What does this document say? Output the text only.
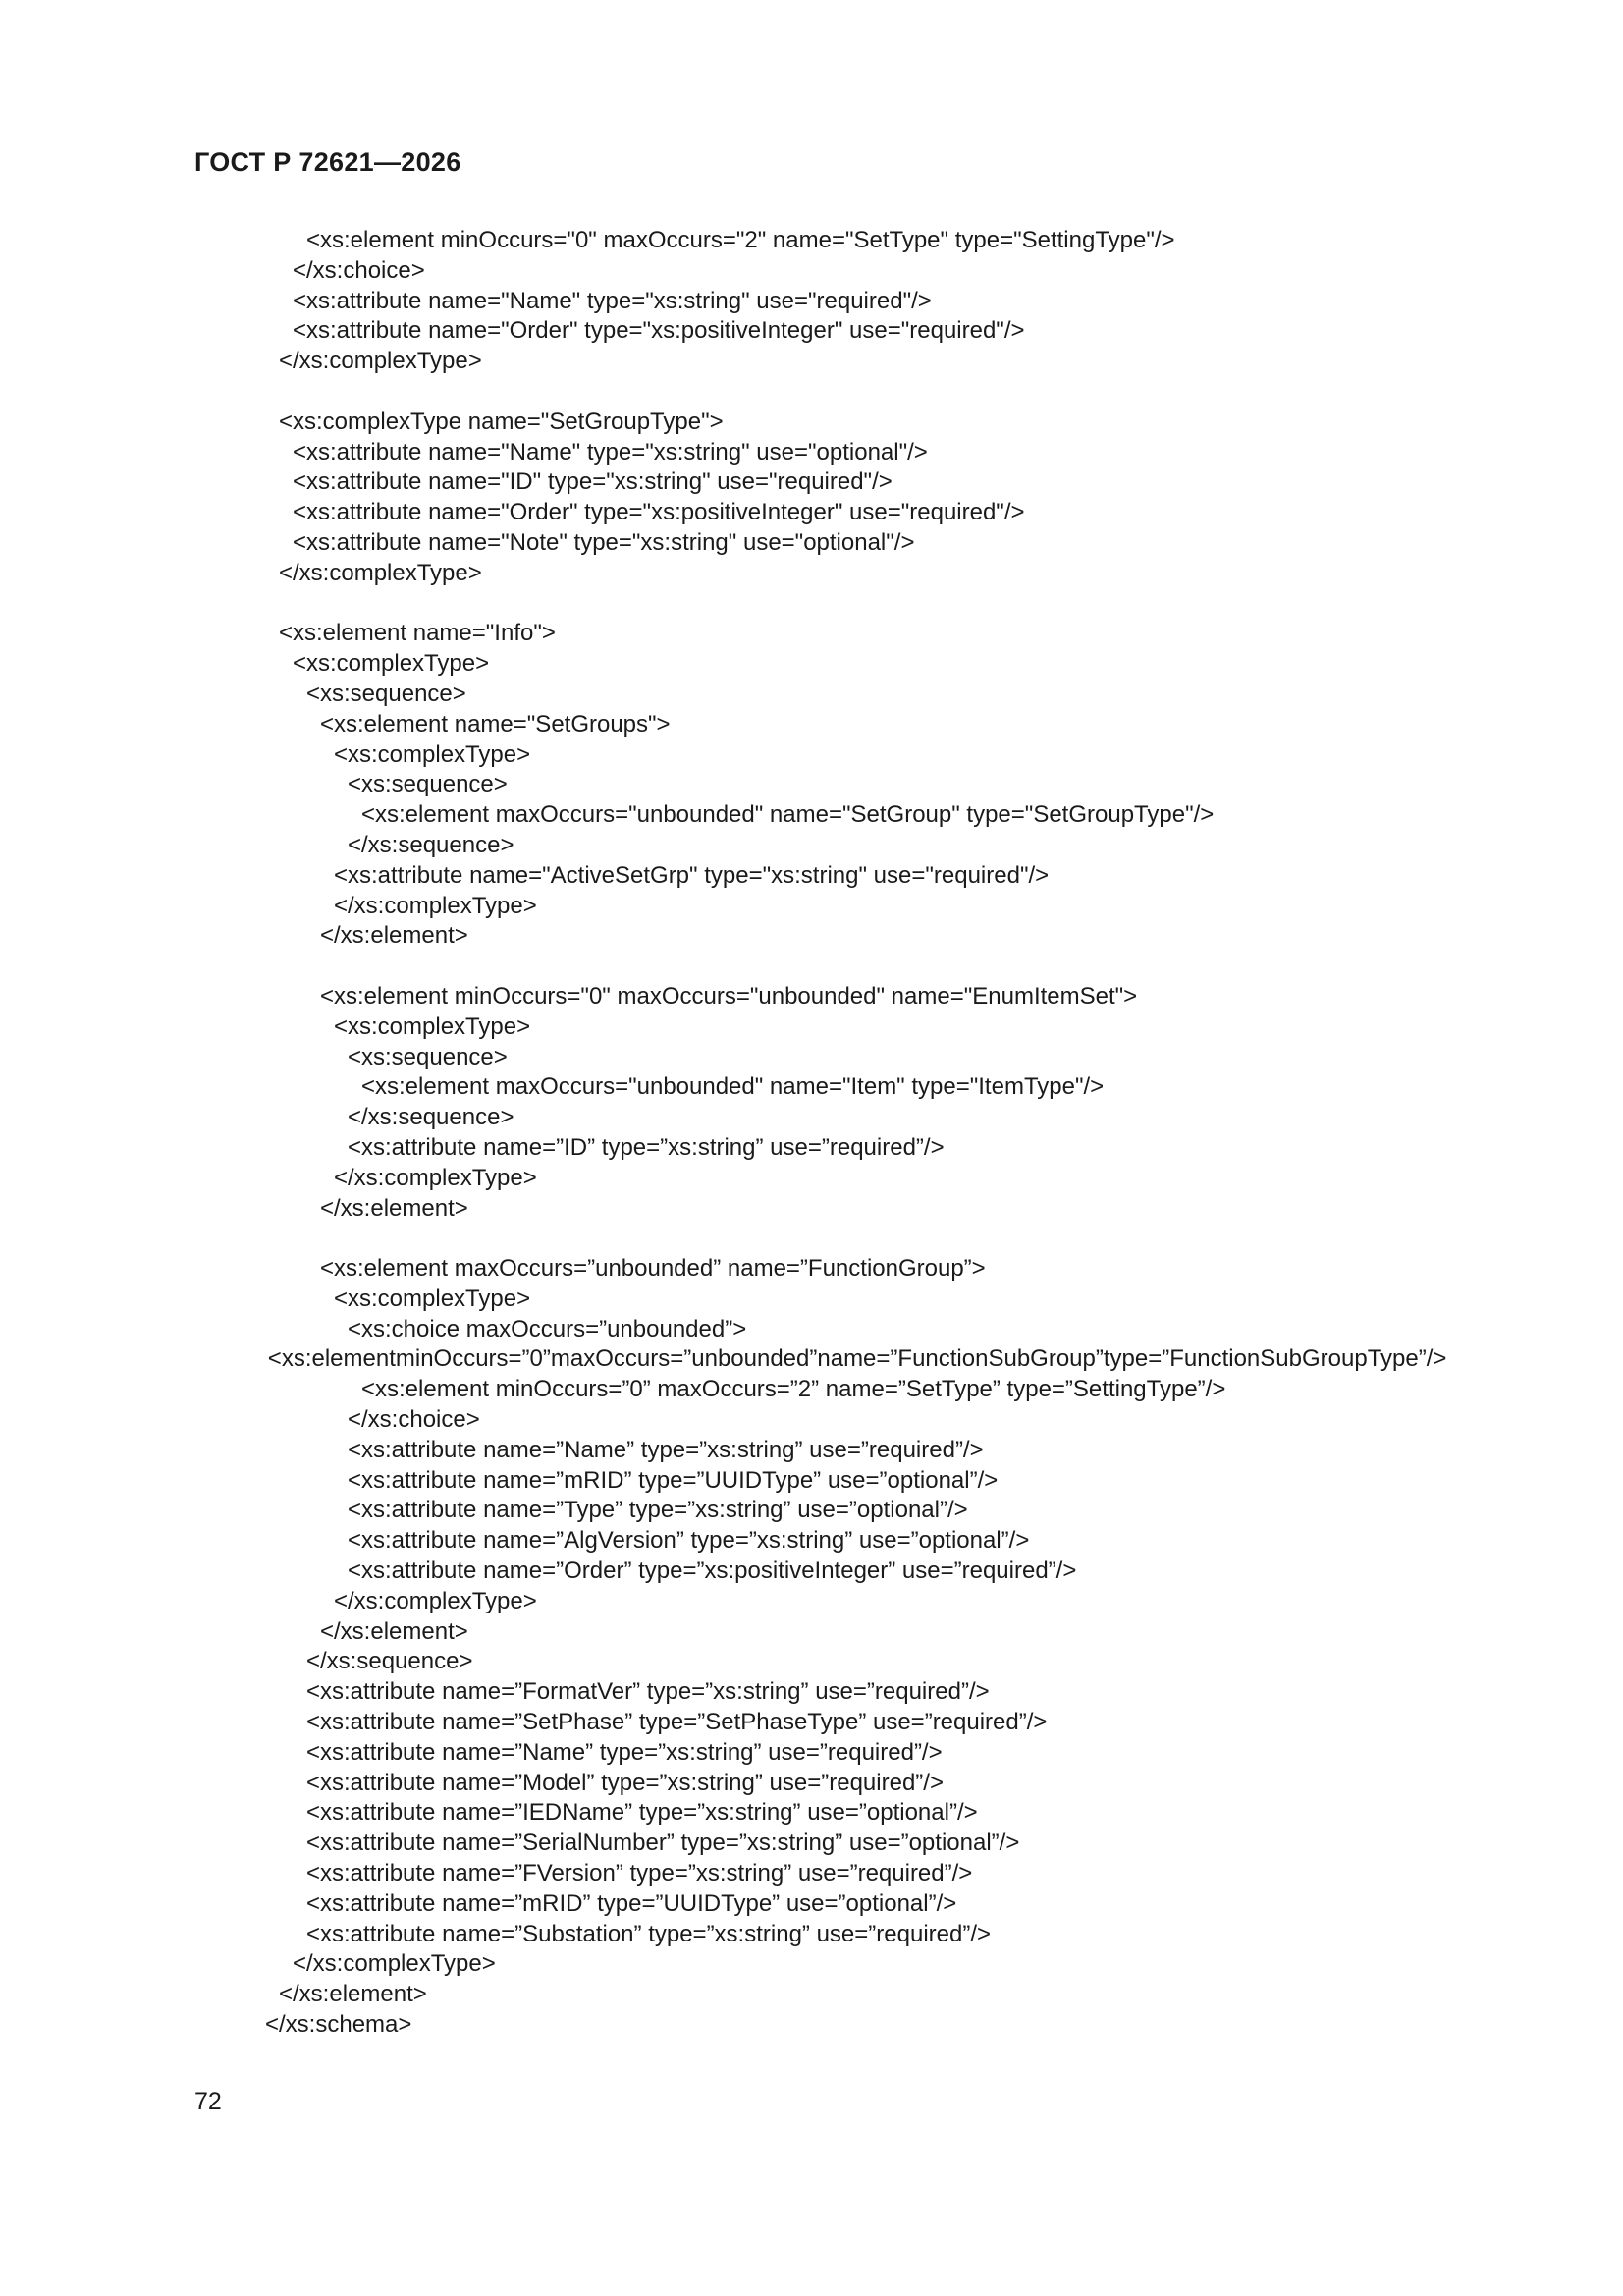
ГОСТ Р 72621—2026
<xs:element minOccurs="0" maxOccurs="2" name="SetType" type="SettingType"/>
</xs:choice>
<xs:attribute name="Name" type="xs:string" use="required"/>
<xs:attribute name="Order" type="xs:positiveInteger" use="required"/>
</xs:complexType>
<xs:complexType name="SetGroupType">
<xs:attribute name="Name" type="xs:string" use="optional"/>
<xs:attribute name="ID" type="xs:string" use="required"/>
<xs:attribute name="Order" type="xs:positiveInteger" use="required"/>
<xs:attribute name="Note" type="xs:string" use="optional"/>
</xs:complexType>
<xs:element name="Info">
<xs:complexType>
<xs:sequence>
<xs:element name="SetGroups">
<xs:complexType>
<xs:sequence>
<xs:element maxOccurs="unbounded" name="SetGroup" type="SetGroupType"/>
</xs:sequence>
<xs:attribute name="ActiveSetGrp" type="xs:string" use="required"/>
</xs:complexType>
</xs:element>
<xs:element minOccurs="0" maxOccurs="unbounded" name="EnumItemSet">
<xs:complexType>
<xs:sequence>
<xs:element maxOccurs="unbounded" name="Item" type="ItemType"/>
</xs:sequence>
<xs:attribute name=”ID” type=”xs:string” use=”required”/>
</xs:complexType>
</xs:element>
<xs:element maxOccurs=”unbounded” name=”FunctionGroup”>
<xs:complexType>
<xs:choice maxOccurs=”unbounded”>
<xs:elementminOccurs=”0”maxOccurs=”unbounded”name=”FunctionSubGroup”type=”FunctionSubGroupType”/>
<xs:element minOccurs=”0” maxOccurs=”2” name=”SetType” type=”SettingType”/>
</xs:choice>
<xs:attribute name=”Name” type=”xs:string” use=”required”/>
<xs:attribute name=”mRID” type=”UUIDType” use=”optional”/>
<xs:attribute name=”Type” type=”xs:string” use=”optional”/>
<xs:attribute name=”AlgVersion” type=”xs:string” use=”optional”/>
<xs:attribute name=”Order” type=”xs:positiveInteger” use=”required”/>
</xs:complexType>
</xs:element>
</xs:sequence>
<xs:attribute name=”FormatVer” type=”xs:string” use=”required”/>
<xs:attribute name=”SetPhase” type=”SetPhaseType” use=”required”/>
<xs:attribute name=”Name” type=”xs:string” use=”required”/>
<xs:attribute name=”Model” type=”xs:string” use=”required”/>
<xs:attribute name=”IEDName” type=”xs:string” use=”optional”/>
<xs:attribute name=”SerialNumber” type=”xs:string” use=”optional”/>
<xs:attribute name=”FVersion” type=”xs:string” use=”required”/>
<xs:attribute name=”mRID” type=”UUIDType” use=”optional”/>
<xs:attribute name=”Substation” type=”xs:string” use=”required”/>
</xs:complexType>
</xs:element>
</xs:schema>
72
